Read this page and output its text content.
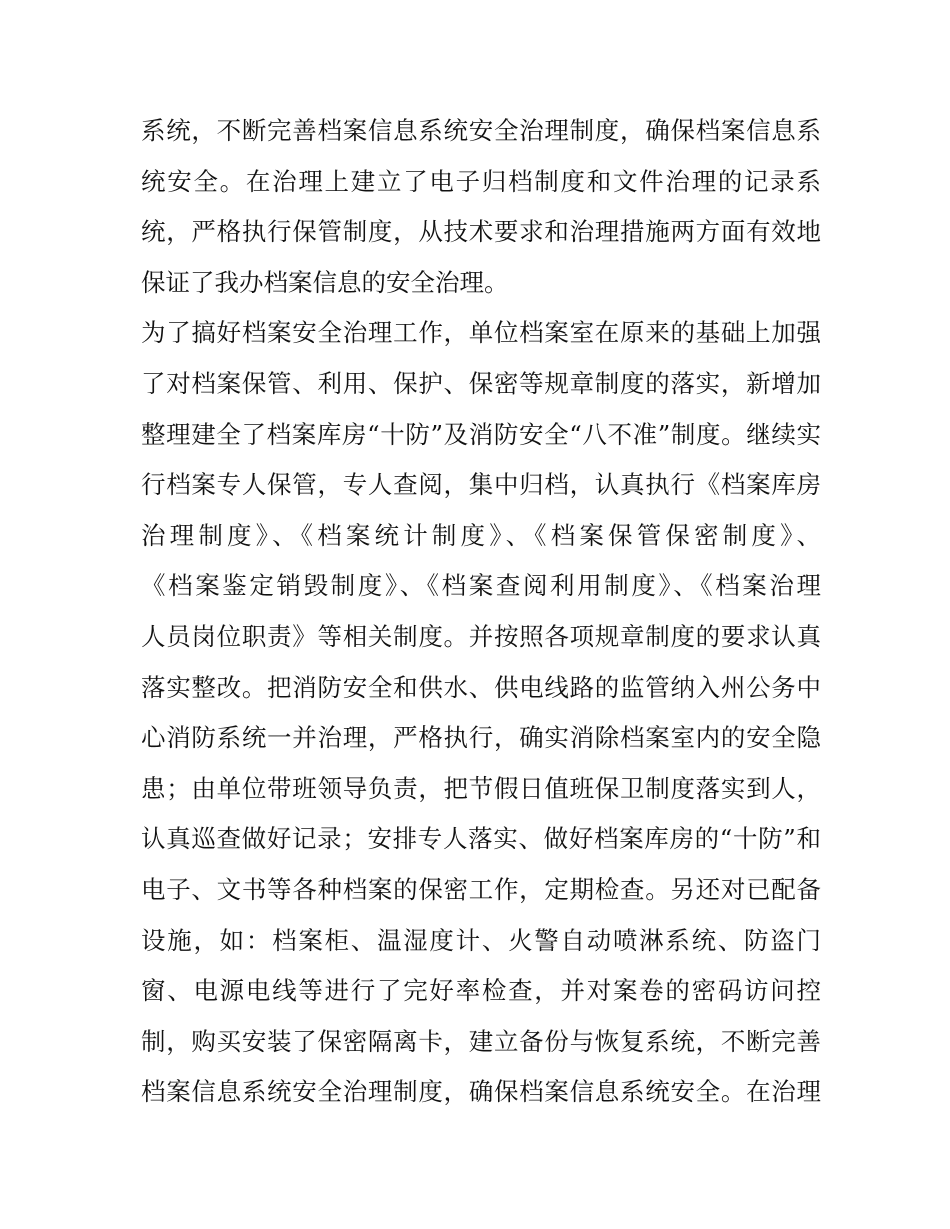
系统，不断完善档案信息系统安全治理制度，确保档案信息系
统安全。在治理上建立了电子归档制度和文件治理的记录系
统，严格执行保管制度，从技术要求和治理措施两方面有效地
保证了我办档案信息的安全治理。
为了搞好档案安全治理工作，单位档案室在原来的基础上加强
了对档案保管、利用、保护、保密等规章制度的落实，新增加
整理建全了档案库房“十防”及消防安全“八不准”制度。继续实
行档案专人保管，专人查阅，集中归档，认真执行《档案库房
治理制度》、《档案统计制度》、《档案保管保密制度》、
《档案鉴定销毁制度》、《档案查阅利用制度》、《档案治理
人员岗位职责》等相关制度。并按照各项规章制度的要求认真
落实整改。把消防安全和供水、供电线路的监管纳入州公务中
心消防系统一并治理，严格执行，确实消除档案室内的安全隐
患；由单位带班领导负责，把节假日值班保卫制度落实到人，
认真巡查做好记录；安排专人落实、做好档案库房的“十防”和
电子、文书等各种档案的保密工作，定期检查。另还对已配备
设施，如：档案柜、温湿度计、火警自动喷淋系统、防盗门
窗、电源电线等进行了完好率检查，并对案卷的密码访问控
制，购买安装了保密隔离卡，建立备份与恢复系统，不断完善
档案信息系统安全治理制度，确保档案信息系统安全。在治理
